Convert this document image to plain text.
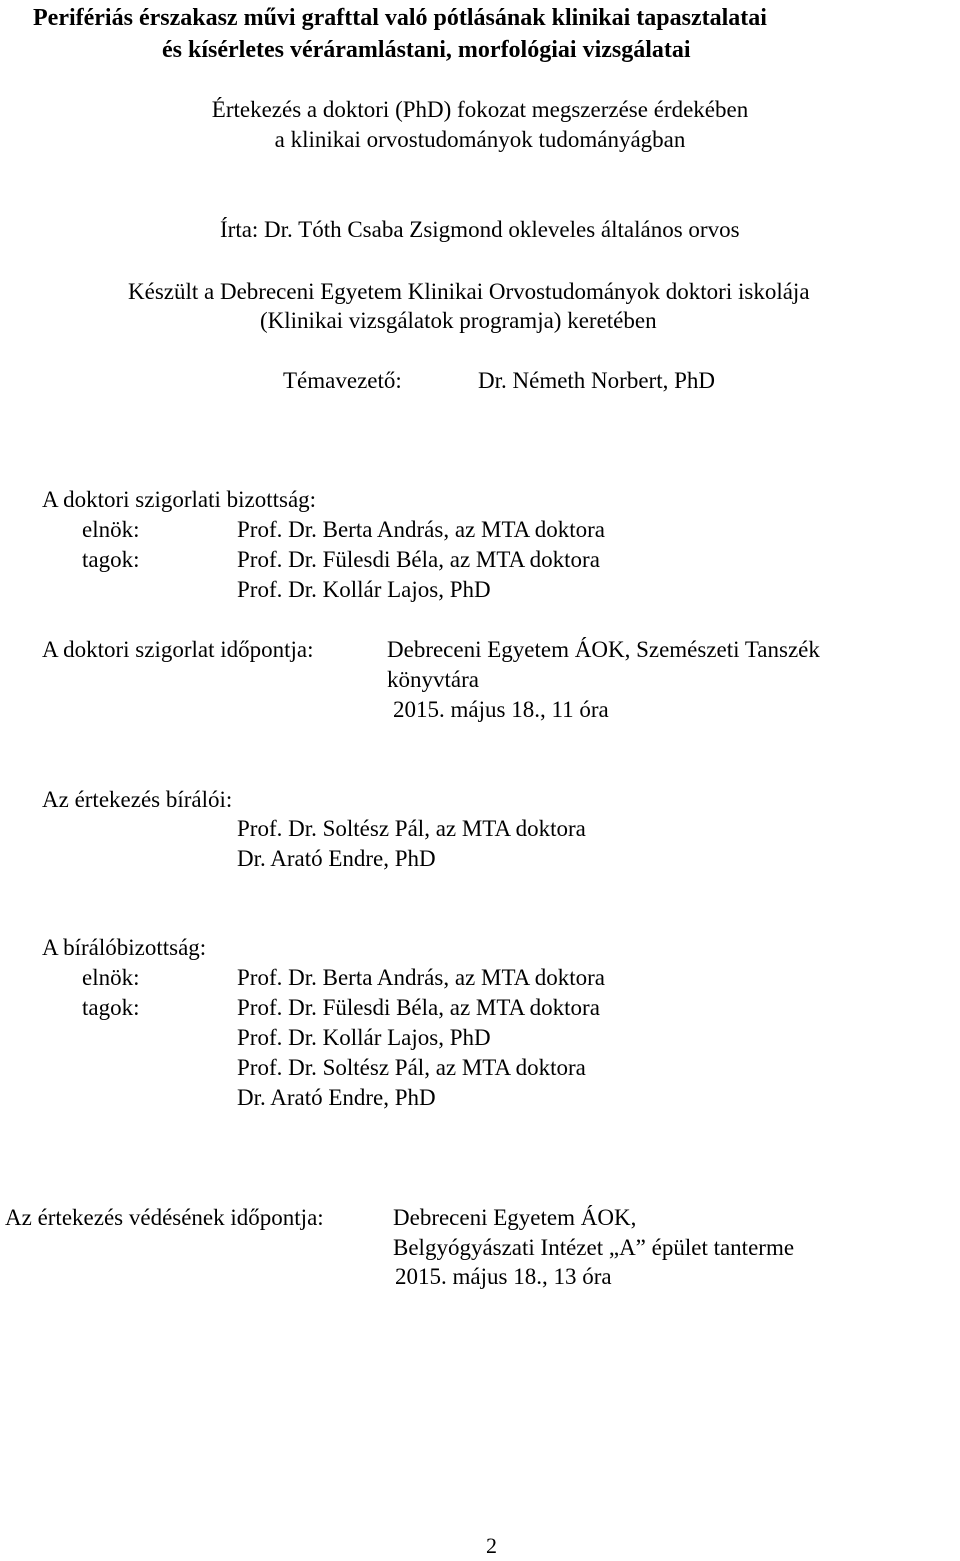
Perifériás érszakasz művi grafttal való pótlásának klinikai tapasztalatai
és kísérletes véráramlástani, morfológiai vizsgálatai
Értekezés a doktori (PhD) fokozat megszerzése érdekében
a klinikai orvostudományok tudományágban
Írta: Dr. Tóth Csaba Zsigmond okleveles általános orvos
Készült a Debreceni Egyetem Klinikai Orvostudományok doktori iskolája
(Klinikai vizsgálatok programja) keretében
Témavezető:	Dr. Németh Norbert, PhD
A doktori szigorlati bizottság:
elnök:	Prof. Dr. Berta András, az MTA doktora
tagok:	Prof. Dr. Fülesdi Béla, az MTA doktora
Prof. Dr. Kollár Lajos, PhD
A doktori szigorlat időpontja:	Debreceni Egyetem ÁOK, Szemészeti Tanszék
könyvtára
2015. május 18., 11 óra
Az értekezés bírálói:
Prof. Dr. Soltész Pál, az MTA doktora
Dr. Arató Endre, PhD
A bírálóbizottság:
elnök:	Prof. Dr. Berta András, az MTA doktora
tagok:	Prof. Dr. Fülesdi Béla, az MTA doktora
Prof. Dr. Kollár Lajos, PhD
Prof. Dr. Soltész Pál, az MTA doktora
Dr. Arató Endre, PhD
Az értekezés védésének időpontja:	Debreceni Egyetem ÁOK,
Belgyógyászati Intézet „A” épület tanterme
2015. május 18., 13 óra
2
